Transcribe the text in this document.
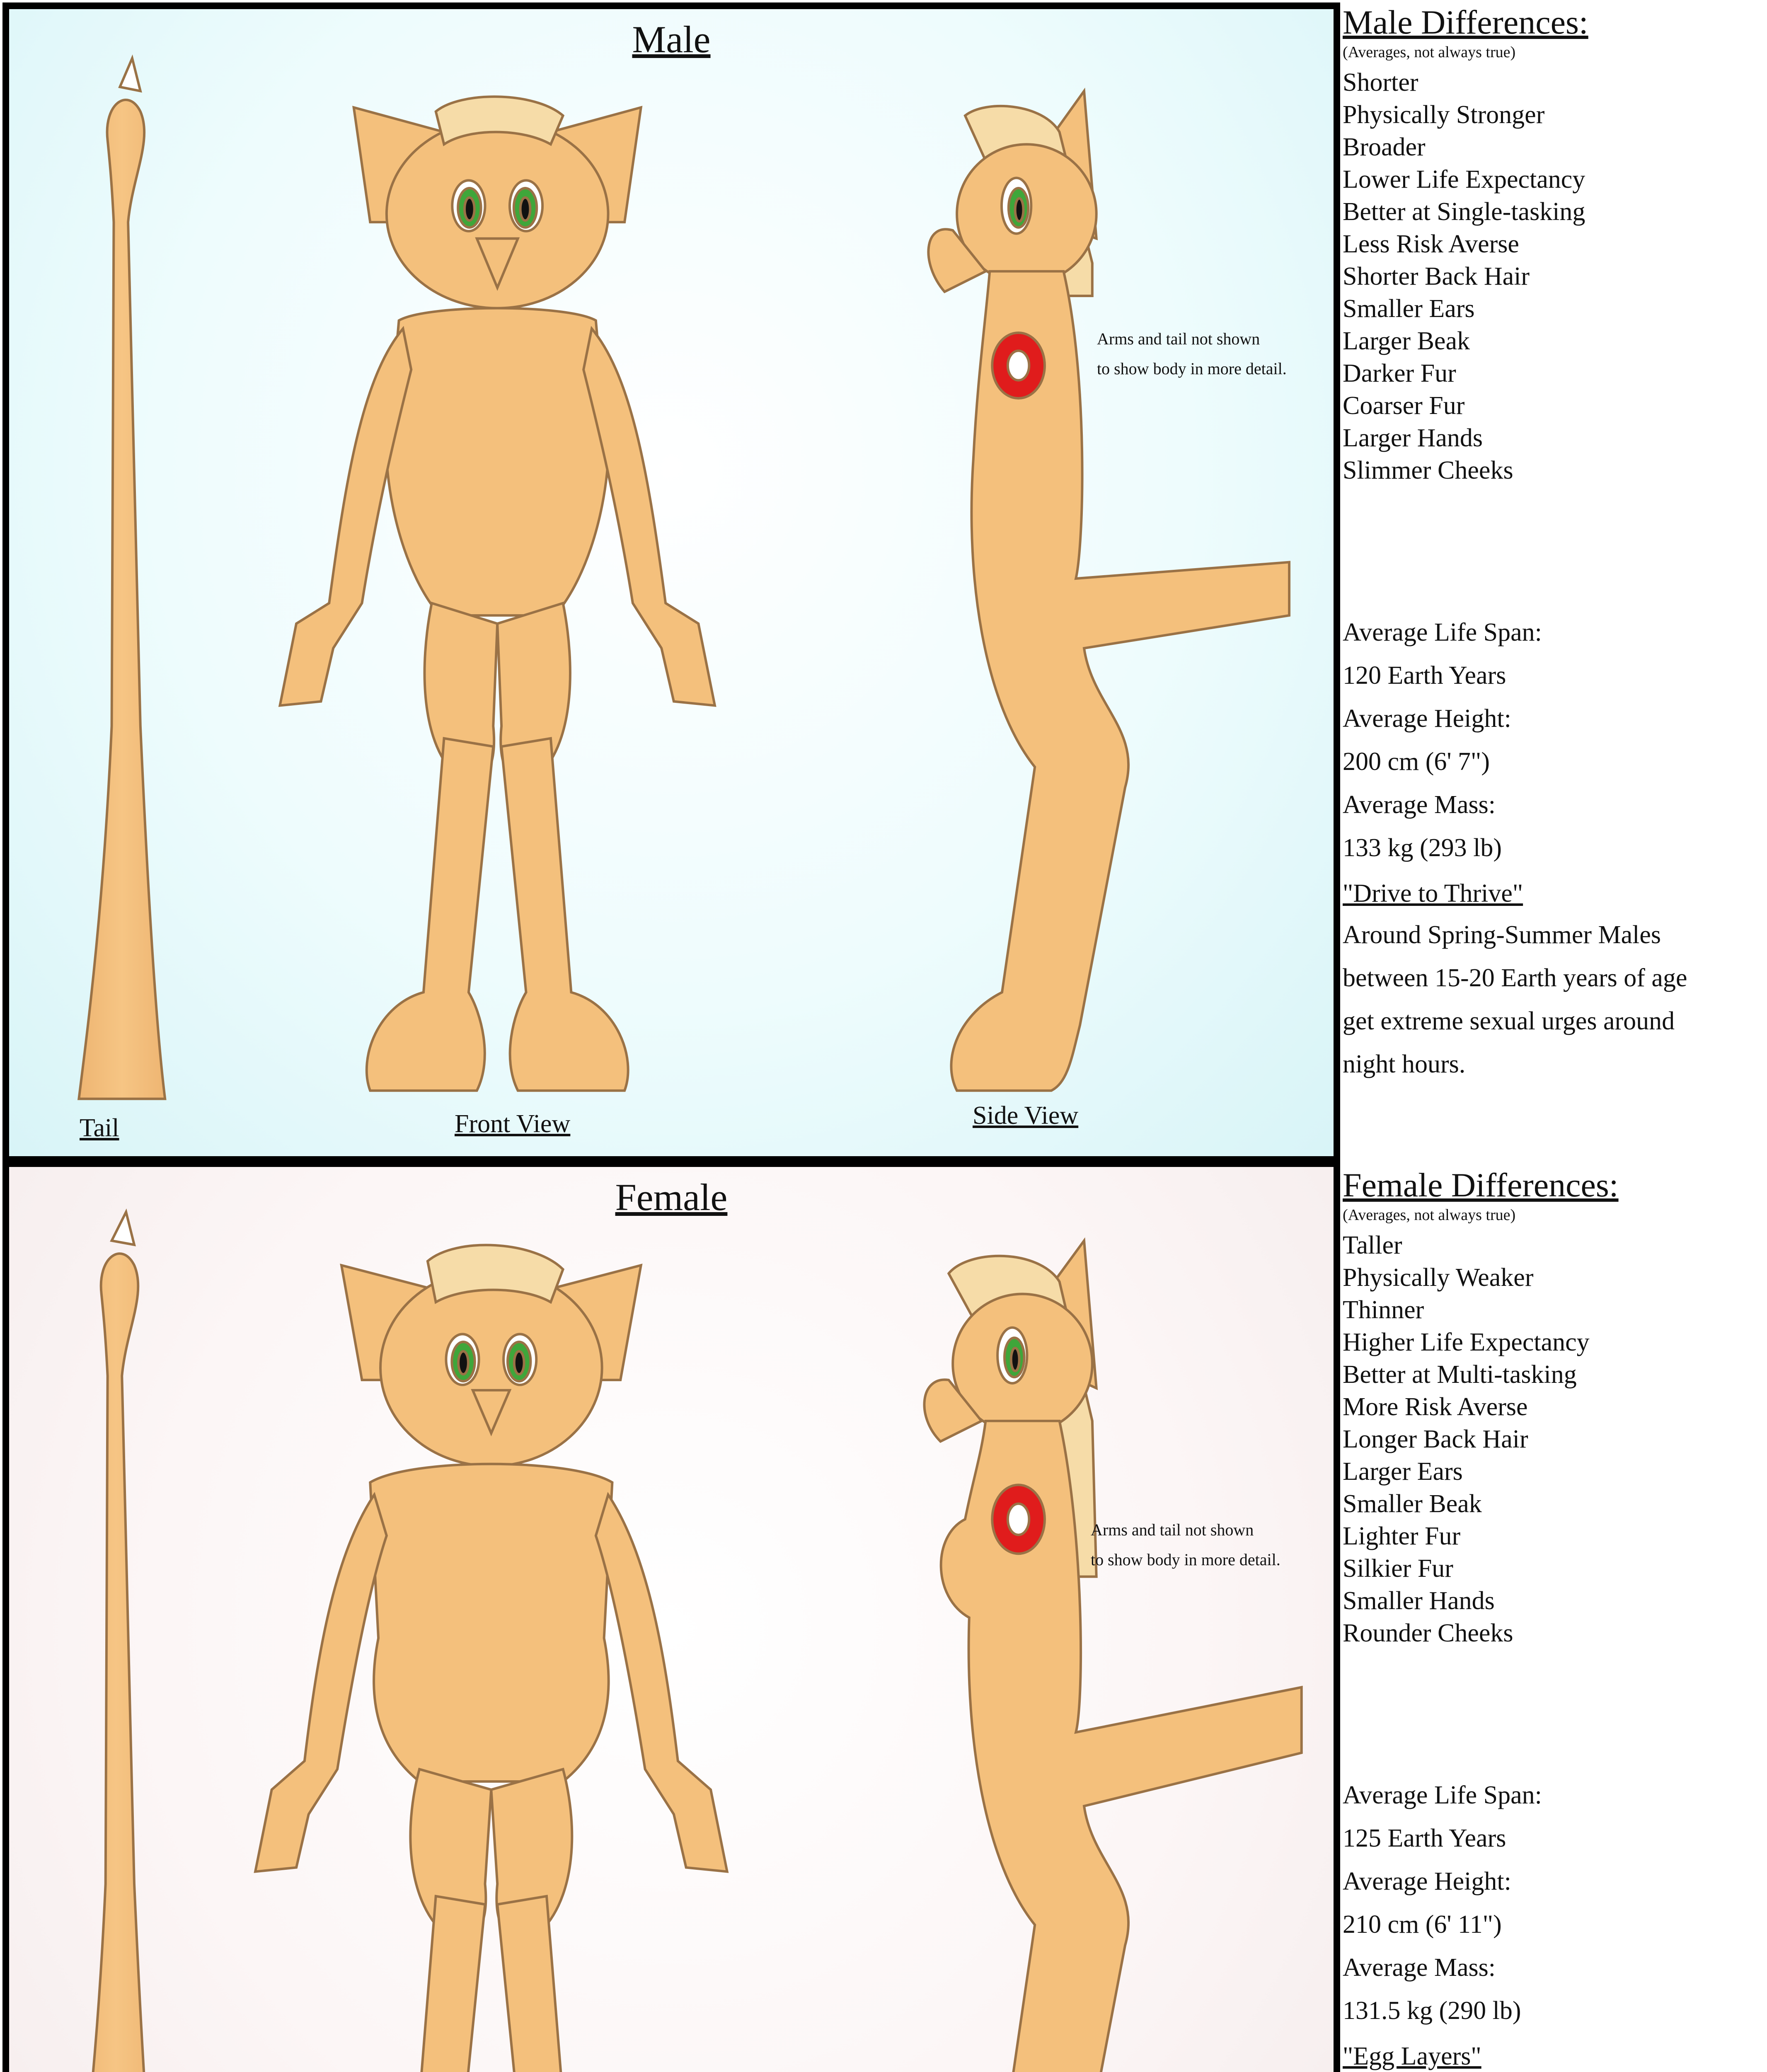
Male
Tail	Front View	Side View
Arms and tail not shown
to show body in more detail.
Female
Arms and tail not shown
to show body in more detail.
Male Differences:
(Averages, not always true)
Shorter
Physically Stronger
Broader
Lower Life Expectancy
Better at Single-tasking
Less Risk Averse
Shorter Back Hair
Smaller Ears
Larger Beak
Darker Fur
Coarser Fur
Larger Hands
Slimmer Cheeks
Average Life Span:
120 Earth Years
Average Height:
200 cm (6' 7")
Average Mass:
133 kg (293 lb)
"Drive to Thrive"
Around Spring-Summer Males
between 15-20 Earth years of age
get extreme sexual urges around
night hours.
Female Differences:
(Averages, not always true)
Taller
Physically Weaker
Thinner
Higher Life Expectancy
Better at Multi-tasking
More Risk Averse
Longer Back Hair
Larger Ears
Smaller Beak
Lighter Fur
Silkier Fur
Smaller Hands
Rounder Cheeks
Average Life Span:
125 Earth Years
Average Height:
210 cm (6' 11")
Average Mass:
131.5 kg (290 lb)
"Egg Layers"
